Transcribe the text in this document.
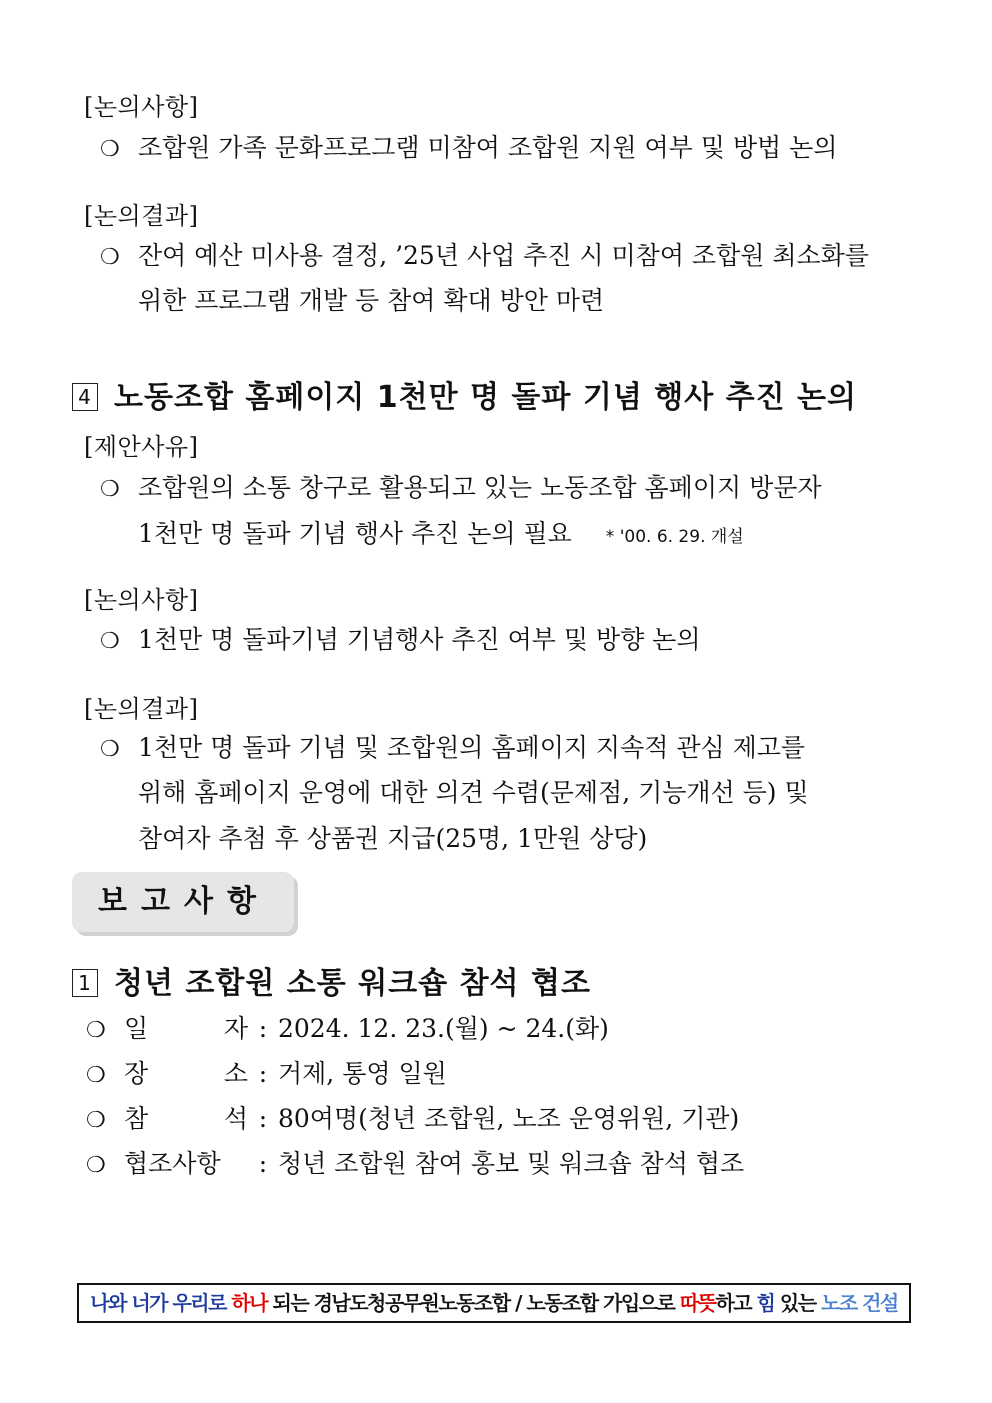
[논의사항]
❍ 조합원 가족 문화프로그램 미참여 조합원 지원 여부 및 방법 논의
[논의결과]
❍ 잔여 예산 미사용 결정, ’25년 사업 추진 시 미참여 조합원 최소화를
위한 프로그램 개발 등 참여 확대 방안 마련
4 노동조합 홈페이지 1천만 명 돌파 기념 행사 추진 논의
[제안사유]
❍ 조합원의 소통 창구로 활용되고 있는 노동조합 홈페이지 방문자
1천만 명 돌파 기념 행사 추진 논의 필요 * '00. 6. 29. 개설
[논의사항]
❍ 1천만 명 돌파기념 기념행사 추진 여부 및 방향 논의
[논의결과]
❍ 1천만 명 돌파 기념 및 조합원의 홈페이지 지속적 관심 제고를
위해 홈페이지 운영에 대한 의견 수렴(문제점, 기능개선 등) 및
참여자 추첨 후 상품권 지급(25명, 1만원 상당)
보고사항
1 청년 조합원 소통 워크숍 참석 협조
❍ 일 자 : 2024. 12. 23.(월) ~ 24.(화)
❍ 장 소 : 거제, 통영 일원
❍ 참 석 : 80여명(청년 조합원, 노조 운영위원, 기관)
❍ 협조사항 : 청년 조합원 참여 홍보 및 워크숍 참석 협조
나와 너가 우리로 하나 되는 경남도청공무원노동조합 / 노동조합 가입으로 따뜻하고 힘 있는 노조 건설
